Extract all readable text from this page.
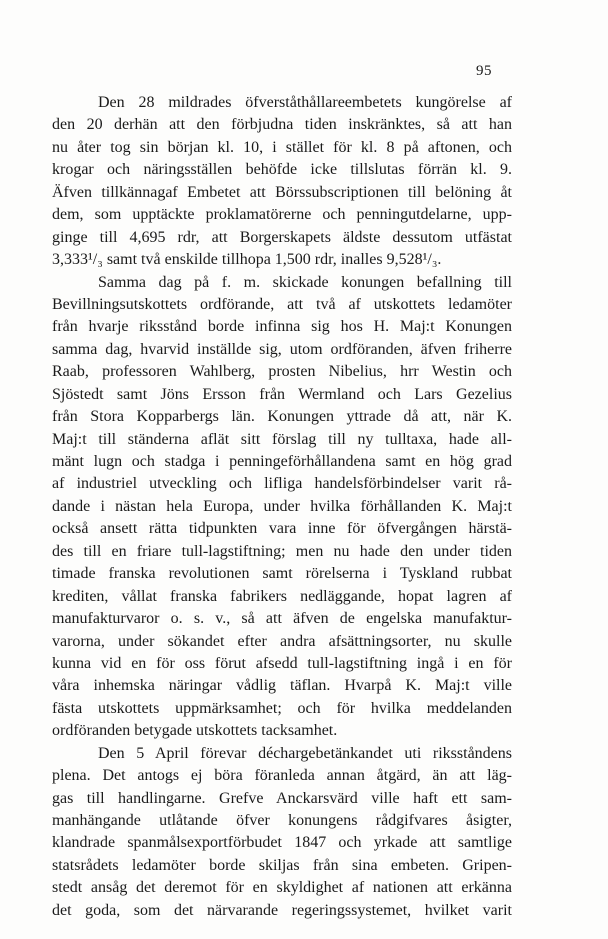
95
Den 28 mildrades öfverståthållareembetets kungörelse af
den 20 derhän att den förbjudna tiden inskränktes, så att han
nu åter tog sin början kl. 10, i stället för kl. 8 på aftonen, och
krogar och näringsställen behöfde icke tillslutas förrän kl. 9.
Äfven tillkännagaf Embetet att Börssubscriptionen till belöning åt
dem, som upptäckte proklamatörerne och penningutdelarne, upp-
ginge till 4,695 rdr, att Borgerskapets äldste dessutom utfästat
3,333¹/₃ samt två enskilde tillhopa 1,500 rdr, inalles 9,528¹/₃.
Samma dag på f. m. skickade konungen befallning till
Bevillningsutskottets ordförande, att två af utskottets ledamöter
från hvarje riksstånd borde infinna sig hos H. Maj:t Konungen
samma dag, hvarvid inställde sig, utom ordföranden, äfven friherre
Raab, professoren Wahlberg, prosten Nibelius, hrr Westin och
Sjöstedt samt Jöns Ersson från Wermland och Lars Gezelius
från Stora Kopparbergs län. Konungen yttrade då att, när K.
Maj:t till ständerna aflät sitt förslag till ny tulltaxa, hade all-
mänt lugn och stadga i penningeförhållandena samt en hög grad
af industriel utveckling och lifliga handelsförbindelser varit rå-
dande i nästan hela Europa, under hvilka förhållanden K. Maj:t
också ansett rätta tidpunkten vara inne för öfvergången härstä-
des till en friare tull-lagstiftning; men nu hade den under tiden
timade franska revolutionen samt rörelserna i Tyskland rubbat
krediten, vållat franska fabrikers nedläggande, hopat lagren af
manufakturvaror o. s. v., så att äfven de engelska manufaktur-
varorna, under sökandet efter andra afsättningsorter, nu skulle
kunna vid en för oss förut afsedd tull-lagstiftning ingå i en för
våra inhemska näringar vådlig täflan. Hvarpå K. Maj:t ville
fästa utskottets uppmärksamhet; och för hvilka meddelanden
ordföranden betygade utskottets tacksamhet.
Den 5 April förevar déchargebetänkandet uti riksståndens
plena. Det antogs ej böra föranleda annan åtgärd, än att läg-
gas till handlingarne. Grefve Anckarsvärd ville haft ett sam-
manhängande utlåtande öfver konungens rådgifvares åsigter,
klandrade spanmålsexportförbudet 1847 och yrkade att samtlige
statsrådets ledamöter borde skiljas från sina embeten. Gripen-
stedt ansåg det deremot för en skyldighet af nationen att erkänna
det goda, som det närvarande regeringssystemet, hvilket varit
